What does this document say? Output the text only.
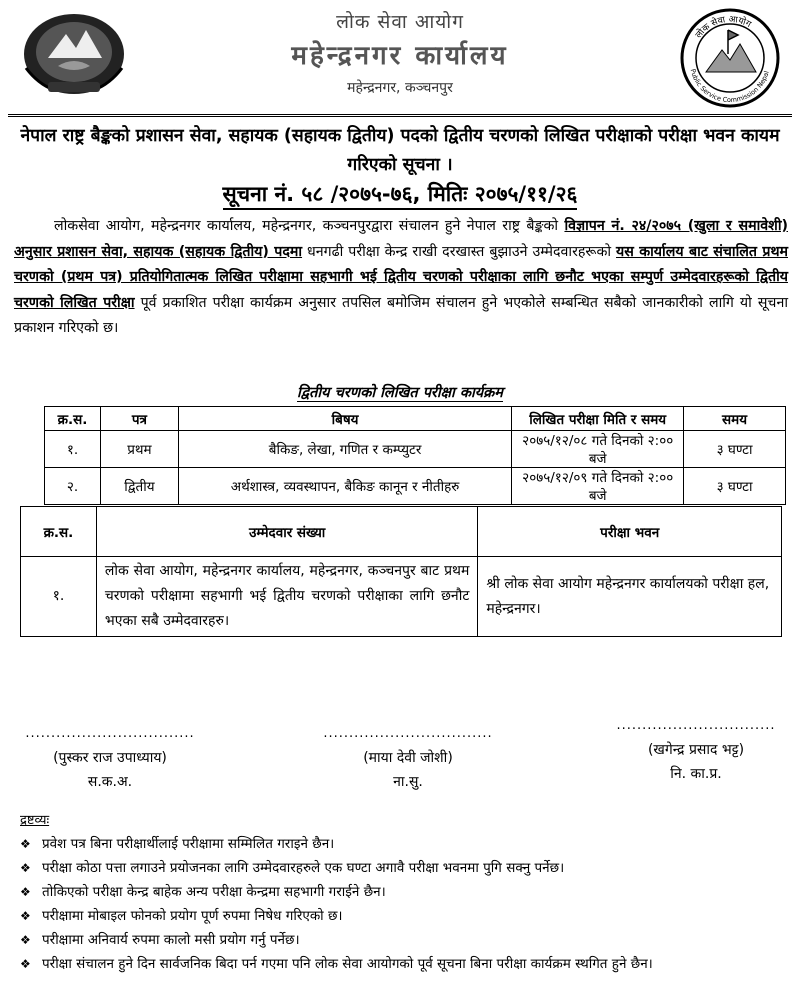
लोक सेवा आयोग
महेन्द्रनगर कार्यालय
महेन्द्रनगर, कञ्चनपुर
लोक सेवा आयोग
Public Service Commission Nepal
नेपाल राष्ट्र बैङ्कको प्रशासन सेवा, सहायक (सहायक द्वितीय) पदको द्वितीय चरणको लिखित परीक्षाको परीक्षा भवन कायम गरिएको सूचना ।
सूचना नं. ५८ /२०७५-७६, मितिः २०७५/११/२६
लोकसेवा आयोग, महेन्द्रनगर कार्यालय, महेन्द्रनगर, कञ्चनपुरद्वारा संचालन हुने नेपाल राष्ट्र बैङ्कको विज्ञापन नं. २४/२०७५ (खुला र समावेशी) अनुसार प्रशासन सेवा, सहायक (सहायक द्वितीय) पदमा धनगढी परीक्षा केन्द्र राखी दरखास्त बुझाउने उम्मेदवारहरूको यस कार्यालय बाट संचालित प्रथम चरणको (प्रथम पत्र) प्रतियोगितात्मक लिखित परीक्षामा सहभागी भई द्वितीय चरणको परीक्षाका लागि छनौट भएका सम्पुर्ण उम्मेदवारहरूको द्वितीय चरणको लिखित परीक्षा पूर्व प्रकाशित परीक्षा कार्यक्रम अनुसार तपसिल बमोजिम संचालन हुने भएकोले सम्बन्धित सबैको जानकारीको लागि यो सूचना प्रकाशन गरिएको छ।
द्वितीय चरणको लिखित परीक्षा कार्यक्रम
क्र.स.	पत्र	बिषय	लिखित परीक्षा मिति र समय	समय
१.	प्रथम	बैकिङ, लेखा, गणित र कम्प्युटर	२०७५/१२/०८ गते दिनको २:०० बजे	३ घण्टा
२.	द्वितीय	अर्थशास्त्र, व्यवस्थापन, बैकिङ कानून र नीतीहरु	२०७५/१२/०९ गते दिनको २:०० बजे	३ घण्टा
क्र.स.	उम्मेदवार संख्या	परीक्षा भवन
१.	लोक सेवा आयोग, महेन्द्रनगर कार्यालय, महेन्द्रनगर, कञ्चनपुर बाट प्रथम चरणको परीक्षामा सहभागी भई द्वितीय चरणको परीक्षाका लागि छनौट भएका सबै उम्मेदवारहरु।	श्री लोक सेवा आयोग महेन्द्रनगर कार्यालयको परीक्षा हल, महेन्द्रनगर।
.................................
(पुस्कर राज उपाध्याय)
स.क.अ.
.................................
(माया देवी जोशी)
ना.सु.
...............................
(खगेन्द्र प्रसाद भट्ट)
नि. का.प्र.
द्रष्टव्यः
❖ प्रवेश पत्र बिना परीक्षार्थीलाई परीक्षामा सम्मिलित गराइने छैन।
❖ परीक्षा कोठा पत्ता लगाउने प्रयोजनका लागि उम्मेदवारहरुले एक घण्टा अगावै परीक्षा भवनमा पुगि सक्नु पर्नेछ।
❖ तोकिएको परीक्षा केन्द्र बाहेक अन्य परीक्षा केन्द्रमा सहभागी गराईने छैन।
❖ परीक्षामा मोबाइल फोनको प्रयोग पूर्ण रुपमा निषेध गरिएको छ।
❖ परीक्षामा अनिवार्य रुपमा कालो मसी प्रयोग गर्नु पर्नेछ।
❖ परीक्षा संचालन हुने दिन सार्वजनिक बिदा पर्न गएमा पनि लोक सेवा आयोगको पूर्व सूचना बिना परीक्षा कार्यक्रम स्थगित हुने छैन।
